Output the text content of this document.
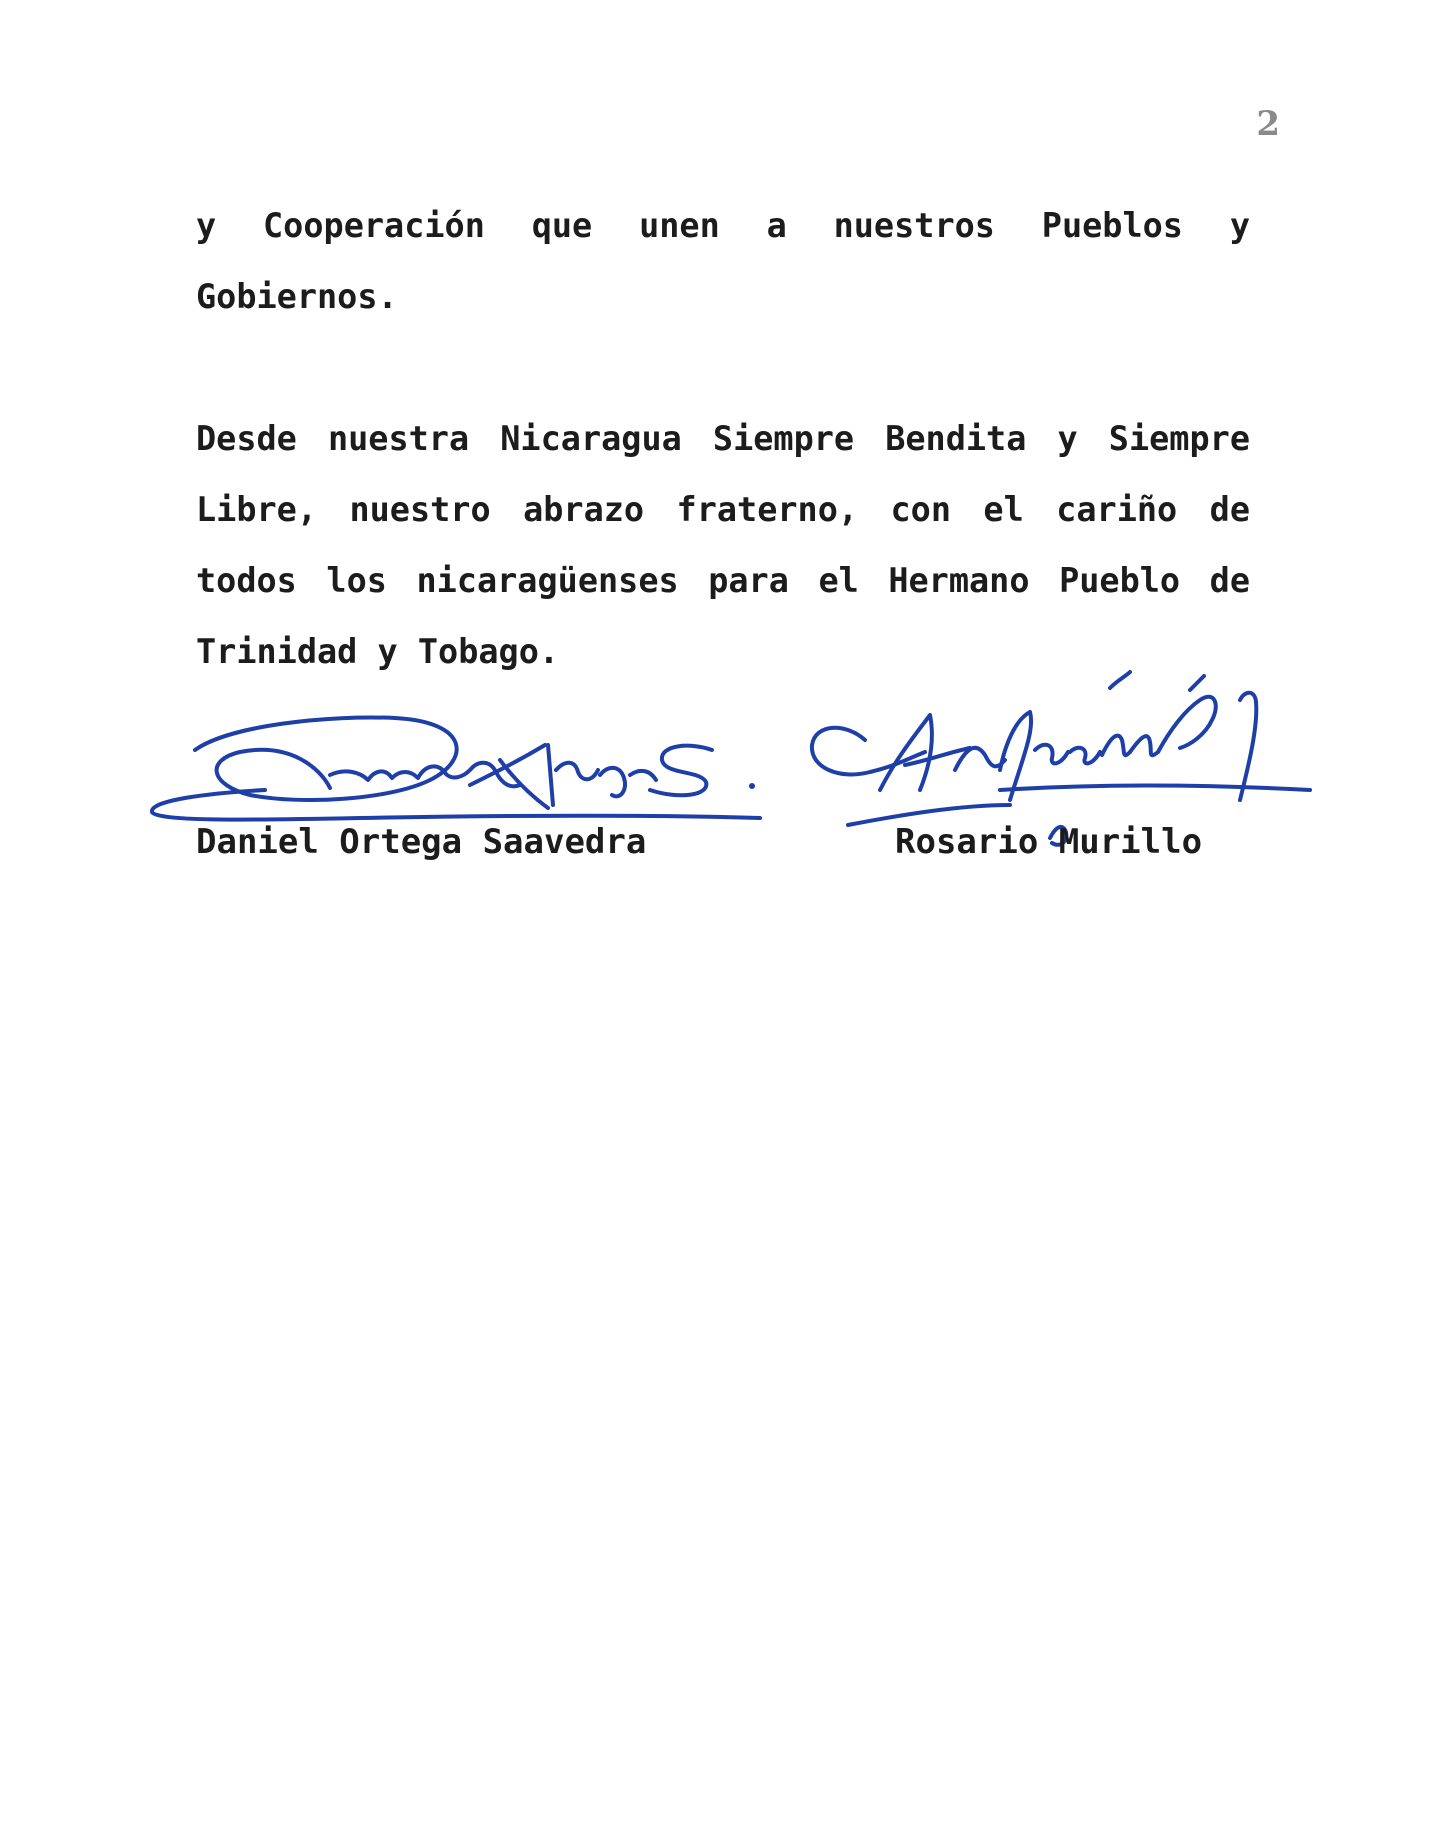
2

y Cooperación que unen a nuestros Pueblos y Gobiernos.

Desde nuestra Nicaragua Siempre Bendita y Siempre Libre, nuestro abrazo fraterno, con el cariño de todos los nicaragüenses para el Hermano Pueblo de Trinidad y Tobago.

Daniel Ortega Saavedra	Rosario Murillo
